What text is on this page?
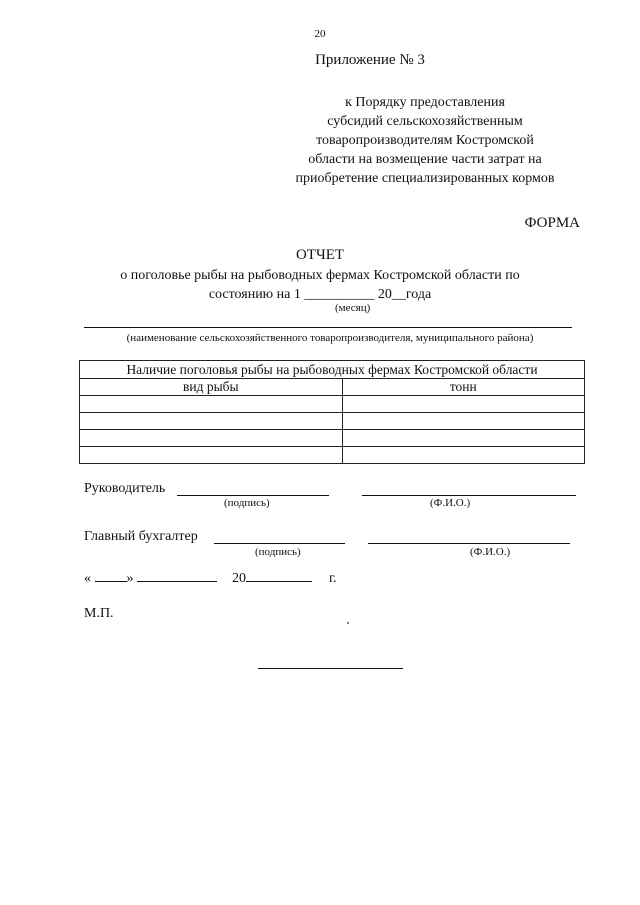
20
Приложение № 3
к Порядку предоставления
субсидий сельскохозяйственным
товаропроизводителям Костромской
области на возмещение части затрат на
приобретение специализированных кормов
ФОРМА
ОТЧЕТ
о поголовье рыбы на рыбоводных фермах Костромской области по
состоянию на 1 __________ 20__года
(месяц)
(наименование сельскохозяйственного товаропроизводителя, муниципального района)
Наличие поголовья рыбы на рыбоводных фермах Костромской области	
вид рыбы	тонн

Руководитель
(подпись)	(Ф.И.О.)
Главный бухгалтер
(подпись)	(Ф.И.О.)
«	»	20	г.
М.П.
